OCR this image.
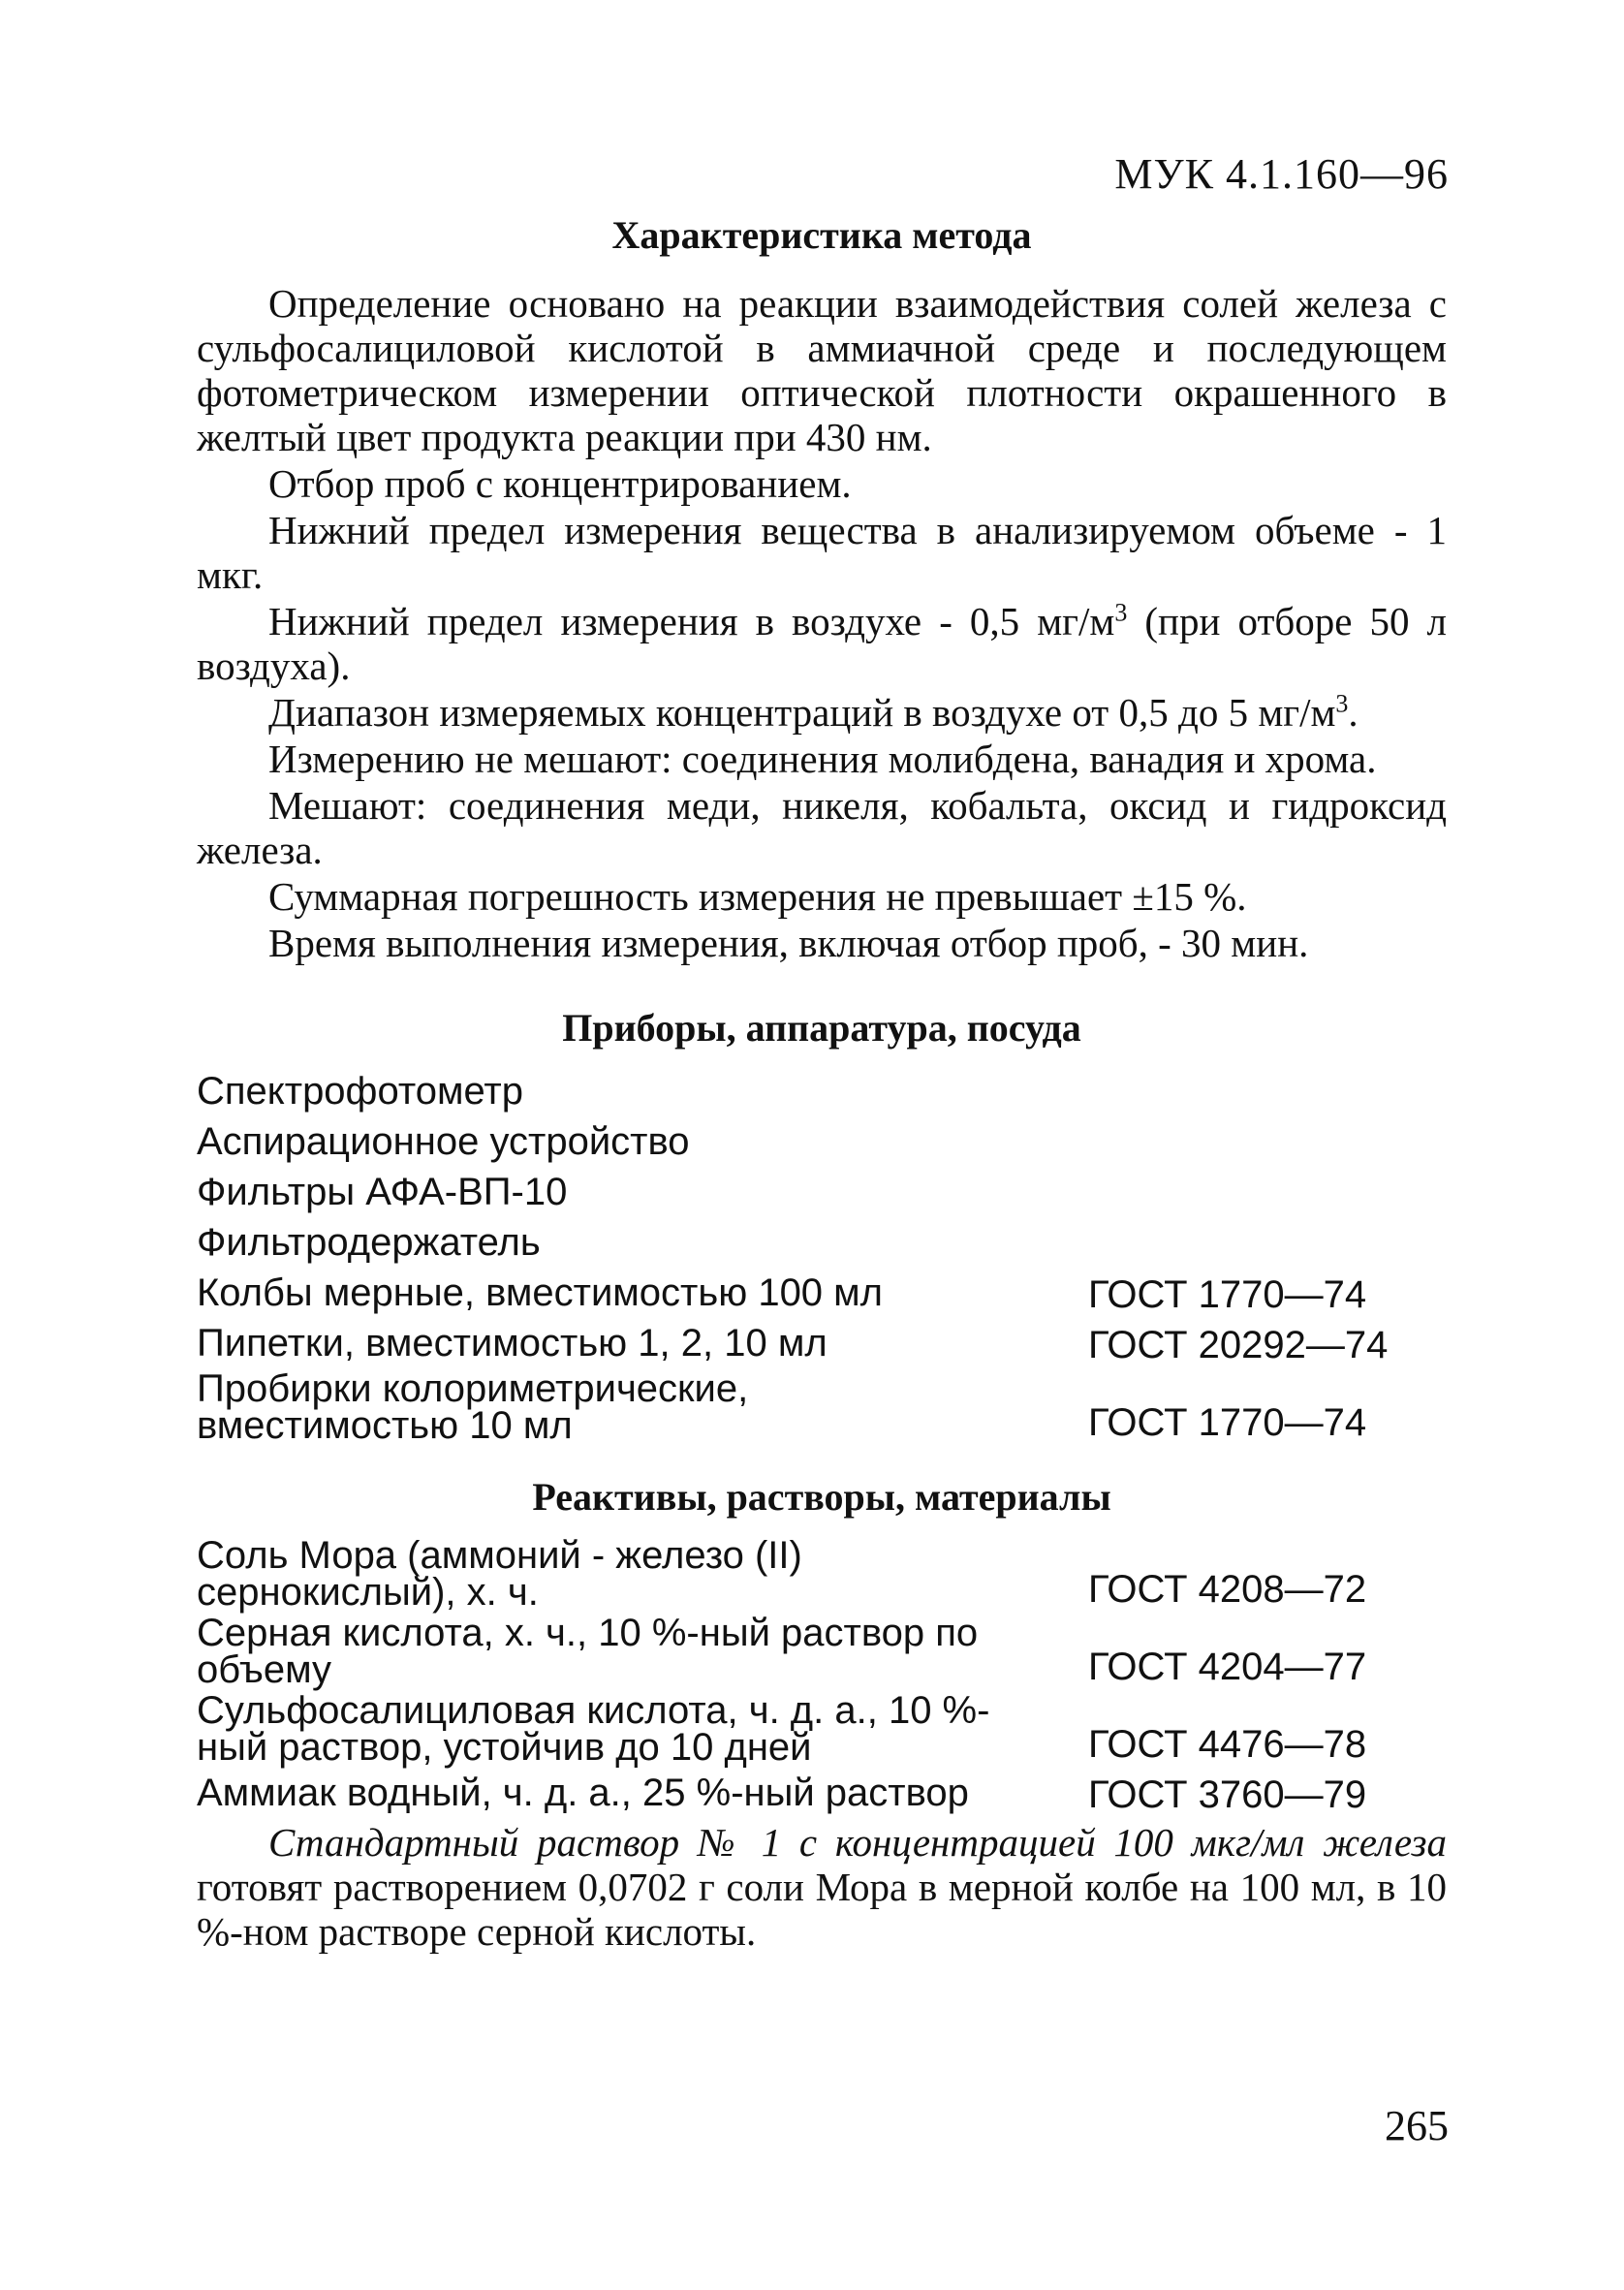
МУК 4.1.160—96
Характеристика метода

Определение основано на реакции взаимодействия солей железа с сульфосалициловой кислотой в аммиачной среде и последующем фотометрическом измерении оптической плотности окрашенного в желтый цвет продукта реакции при 430 нм.

Отбор проб с концентрированием.

Нижний предел измерения вещества в анализируемом объеме - 1 мкг.

Нижний предел измерения в воздухе - 0,5 $мг/м^3$ (при отборе 50 л воздуха).

Диапазон измеряемых концентраций в воздухе от 0,5 до 5 $мг/м^3$.

Измерению не мешают: соединения молибдена, ванадия и хрома.

Мешают: соединения меди, никеля, кобальта, оксид и гидроксид железа.

Суммарная погрешность измерения не превышает ±15 %.

Время выполнения измерения, включая отбор проб, - 30 мин.

Приборы, аппаратура, посуда
Спектрофотометр
Аспирационное устройство
Фильтры АФА-ВП-10
Фильтродержатель
Колбы мерные, вместимостью 100 мл	ГОСТ 1770—74
Пипетки, вместимостью 1, 2, 10 мл	ГОСТ 20292—74
Пробирки колориметрические, вместимостью 10 мл	ГОСТ 1770—74
Реактивы, растворы, материалы
Соль Мора (аммоний - железо (II) сернокислый), х. ч.	ГОСТ 4208—72
Серная кислота, х. ч., 10 %-ный раствор по объему	ГОСТ 4204—77
Сульфосалициловая кислота, ч. д. а., 10 %-ный раствор, устойчив до 10 дней	ГОСТ 4476—78
Аммиак водный, ч. д. а., 25 %-ный раствор	ГОСТ 3760—79

Стандартный раствор № 1 с концентрацией 100 мкг/мл железа готовят растворением 0,0702 г соли Мора в мерной колбе на 100 мл, в 10 %-ном растворе серной кислоты.

265
